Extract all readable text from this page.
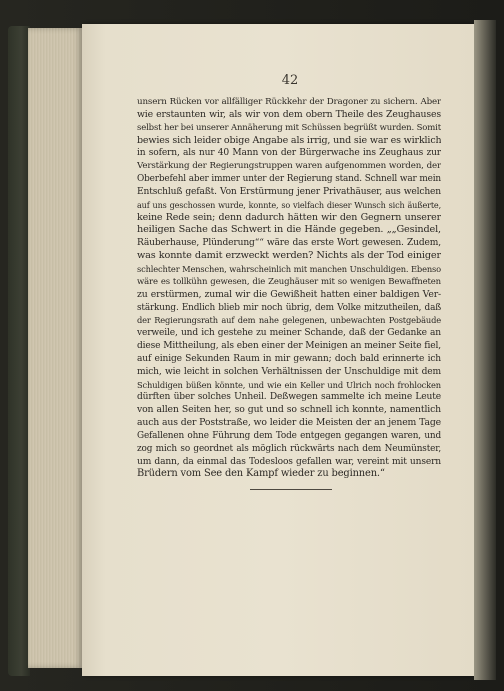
42
unsern Rücken vor allfälliger Rückkehr der Dragoner zu sichern. Aber
wie erstaunten wir, als wir von dem obern Theile des Zeughauses
selbst her bei unserer Annäherung mit Schüssen begrüßt wurden. Somit
bewies sich leider obige Angabe als irrig, und sie war es wirklich
in sofern, als nur 40 Mann von der Bürgerwache ins Zeughaus zur
Verstärkung der Regierungstruppen waren aufgenommen worden, der
Oberbefehl aber immer unter der Regierung stand. Schnell war mein
Entschluß gefaßt. Von Erstürmung jener Privathäuser, aus welchen
auf uns geschossen wurde, konnte, so vielfach dieser Wunsch sich äußerte,
keine Rede sein; denn dadurch hätten wir den Gegnern unserer
heiligen Sache das Schwert in die Hände gegeben. „„Gesindel,
Räuberhause, Plünderung““ wäre das erste Wort gewesen. Zudem,
was konnte damit erzweckt werden? Nichts als der Tod einiger
schlechter Menschen, wahrscheinlich mit manchen Unschuldigen. Ebenso
wäre es tollkühn gewesen, die Zeughäuser mit so wenigen Bewaffneten
zu erstürmen, zumal wir die Gewißheit hatten einer baldigen Ver-
stärkung. Endlich blieb mir noch übrig, dem Volke mitzutheilen, daß
der Regierungsrath auf dem nahe gelegenen, unbewachten Postgebäude
verweile, und ich gestehe zu meiner Schande, daß der Gedanke an
diese Mittheilung, als eben einer der Meinigen an meiner Seite fiel,
auf einige Sekunden Raum in mir gewann; doch bald erinnerte ich
mich, wie leicht in solchen Verhältnissen der Unschuldige mit dem
Schuldigen büßen könnte, und wie ein Keller und Ulrich noch frohlocken
dürften über solches Unheil. Deßwegen sammelte ich meine Leute
von allen Seiten her, so gut und so schnell ich konnte, namentlich
auch aus der Poststraße, wo leider die Meisten der an jenem Tage
Gefallenen ohne Führung dem Tode entgegen gegangen waren, und
zog mich so geordnet als möglich rückwärts nach dem Neumünster,
um dann, da einmal das Todesloos gefallen war, vereint mit unsern
Brüdern vom See den Kampf wieder zu beginnen.“
